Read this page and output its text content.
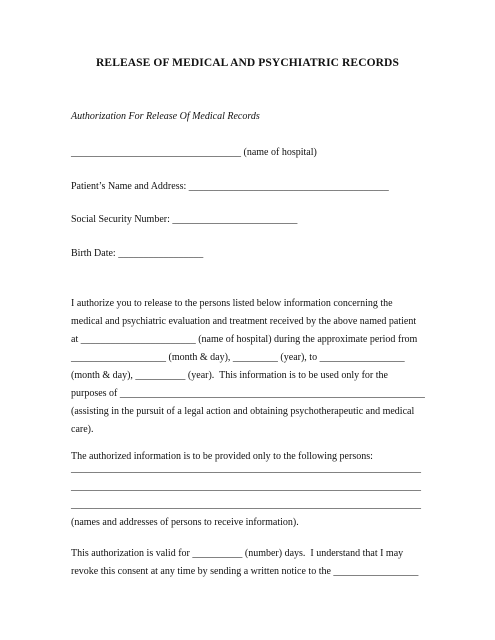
RELEASE OF MEDICAL AND PSYCHIATRIC RECORDS
Authorization For Release Of Medical Records
__________________________________ (name of hospital)
Patient’s Name and Address: ________________________________________
Social Security Number: _________________________
Birth Date: _________________
I authorize you to release to the persons listed below information concerning the
medical and psychiatric evaluation and treatment received by the above named patient
at _______________________ (name of hospital) during the approximate period from
___________________ (month & day), _________ (year), to _________________
(month & day), __________ (year).  This information is to be used only for the
purposes of _____________________________________________________________
(assisting in the pursuit of a legal action and obtaining psychotherapeutic and medical
care).
The authorized information is to be provided only to the following persons:
______________________________________________________________________
______________________________________________________________________
______________________________________________________________________
(names and addresses of persons to receive information).
This authorization is valid for __________ (number) days.  I understand that I may
revoke this consent at any time by sending a written notice to the _________________
